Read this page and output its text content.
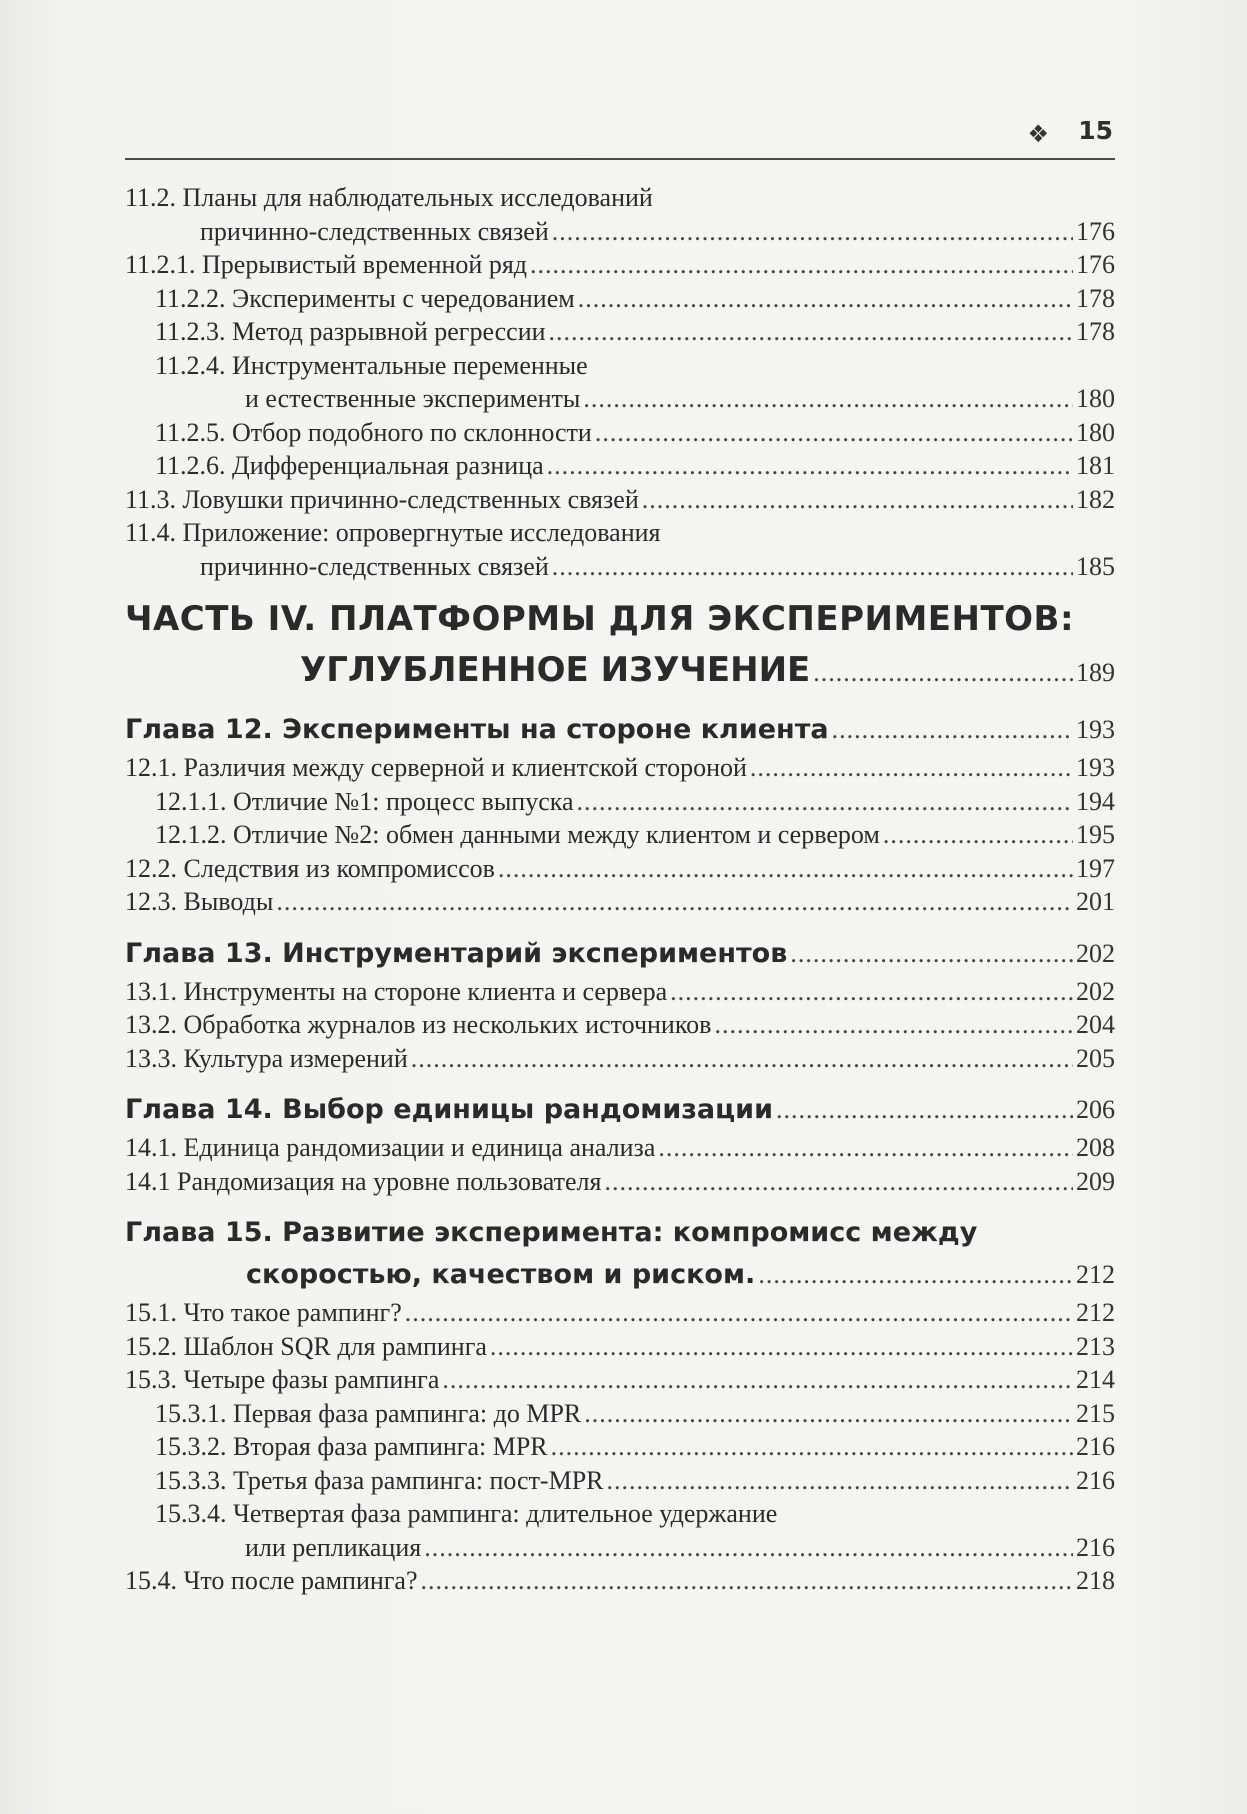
❖ 15
11.2. Планы для наблюдательных исследований
причинно-следственных связей .....	176
11.2.1. Прерывистый временной ряд .....	176
11.2.2. Эксперименты с чередованием .....	178
11.2.3. Метод разрывной регрессии .....	178
11.2.4. Инструментальные переменные
и естественные эксперименты .....	180
11.2.5. Отбор подобного по склонности .....	180
11.2.6. Дифференциальная разница .....	181
11.3. Ловушки причинно-следственных связей .....	182
11.4. Приложение: опровергнутые исследования
причинно-следственных связей .....	185
ЧАСТЬ IV. ПЛАТФОРМЫ ДЛЯ ЭКСПЕРИМЕНТОВ:
УГЛУБЛЕННОЕ ИЗУЧЕНИЕ .....	189
Глава 12. Эксперименты на стороне клиента .....	193
12.1. Различия между серверной и клиентской стороной .....	193
12.1.1. Отличие №1: процесс выпуска .....	194
12.1.2. Отличие №2: обмен данными между клиентом и сервером .....	195
12.2. Следствия из компромиссов .....	197
12.3. Выводы .....	201
Глава 13. Инструментарий экспериментов .....	202
13.1. Инструменты на стороне клиента и сервера .....	202
13.2. Обработка журналов из нескольких источников .....	204
13.3. Культура измерений .....	205
Глава 14. Выбор единицы рандомизации .....	206
14.1. Единица рандомизации и единица анализа .....	208
14.1 Рандомизация на уровне пользователя .....	209
Глава 15. Развитие эксперимента: компромисс между
скоростью, качеством и риском. .....	212
15.1. Что такое рампинг? .....	212
15.2. Шаблон SQR для рампинга .....	213
15.3. Четыре фазы рампинга .....	214
15.3.1. Первая фаза рампинга: до MPR .....	215
15.3.2. Вторая фаза рампинга: MPR .....	216
15.3.3. Третья фаза рампинга: пост-MPR .....	216
15.3.4. Четвертая фаза рампинга: длительное удержание
или репликация .....	216
15.4. Что после рампинга? .....	218
